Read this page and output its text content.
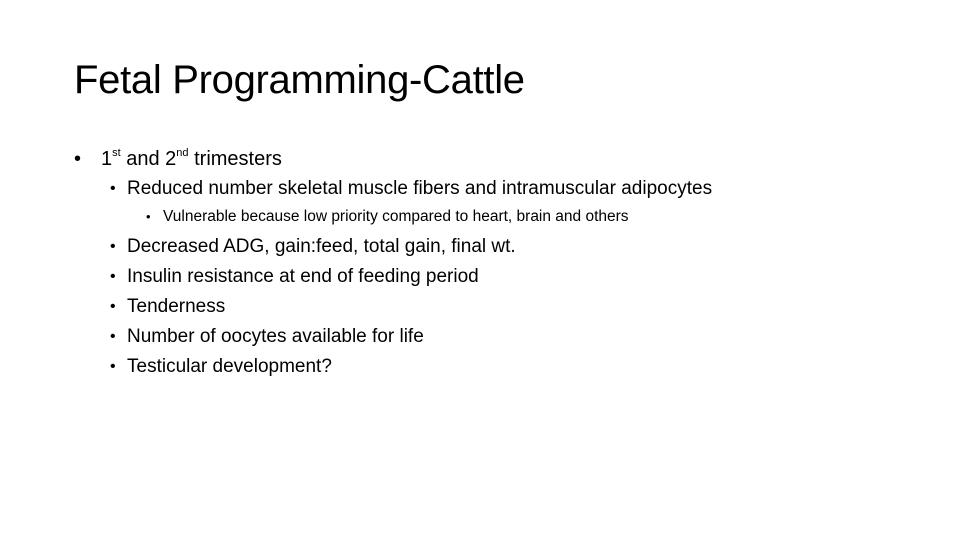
Fetal Programming-Cattle
• 1st and 2nd trimesters
• Reduced number skeletal muscle fibers and intramuscular adipocytes
• Vulnerable because low priority compared to heart, brain and others
• Decreased ADG, gain:feed, total gain, final wt.
• Insulin resistance at end of feeding period
• Tenderness
• Number of oocytes available for life
• Testicular development?
